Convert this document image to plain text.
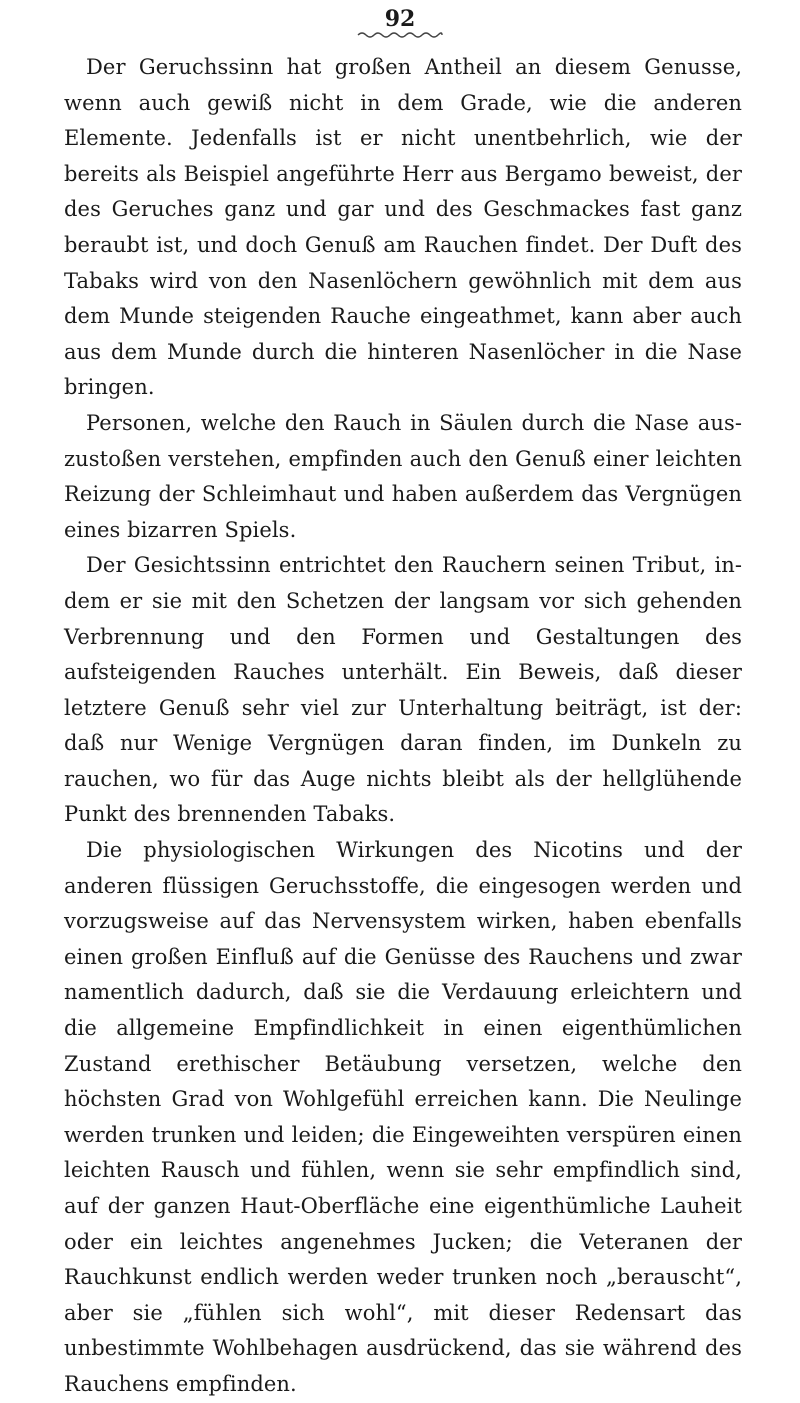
92

Der Geruchssinn hat großen Antheil an diesem Genusse, wenn auch gewiß nicht in dem Grade, wie die anderen Elemente. Jedenfalls ist er nicht unentbehrlich, wie der bereits als Beispiel angeführte Herr aus Bergamo beweist, der des Geruches ganz und gar und des Geschmackes fast ganz beraubt ist, und doch Genuß am Rauchen findet. Der Duft des Tabaks wird von den Nasenlöchern gewöhnlich mit dem aus dem Munde steigenden Rauche eingeathmet, kann aber auch aus dem Munde durch die hinteren Nasenlöcher in die Nase bringen.

Personen, welche den Rauch in Säulen durch die Nase auszustoßen verstehen, empfinden auch den Genuß einer leichten Reizung der Schleimhaut und haben außerdem das Vergnügen eines bizarren Spiels.

Der Gesichtssinn entrichtet den Rauchern seinen Tribut, indem er sie mit den Schetzen der langsam vor sich gehenden Verbrennung und den Formen und Gestaltungen des aufsteigenden Rauches unterhält. Ein Beweis, daß dieser letztere Genuß sehr viel zur Unterhaltung beiträgt, ist der: daß nur Wenige Vergnügen daran finden, im Dunkeln zu rauchen, wo für das Auge nichts bleibt als der hellglühende Punkt des brennenden Tabaks.

Die physiologischen Wirkungen des Nicotins und der anderen flüssigen Geruchsstoffe, die eingesogen werden und vorzugsweise auf das Nervensystem wirken, haben ebenfalls einen großen Einfluß auf die Genüsse des Rauchens und zwar namentlich dadurch, daß sie die Verdauung erleichtern und die allgemeine Empfindlichkeit in einen eigenthümlichen Zustand erethischer Betäubung versetzen, welche den höchsten Grad von Wohlgefühl erreichen kann. Die Neulinge werden trunken und leiden; die Eingeweihten verspüren einen leichten Rausch und fühlen, wenn sie sehr empfindlich sind, auf der ganzen Haut-Oberfläche eine eigenthümliche Lauheit oder ein leichtes angenehmes Jucken; die Veteranen der Rauchkunst endlich werden weder trunken noch „berauscht“, aber sie „fühlen sich wohl“, mit dieser Redensart das unbestimmte Wohlbehagen ausdrückend, das sie während des Rauchens empfinden.
